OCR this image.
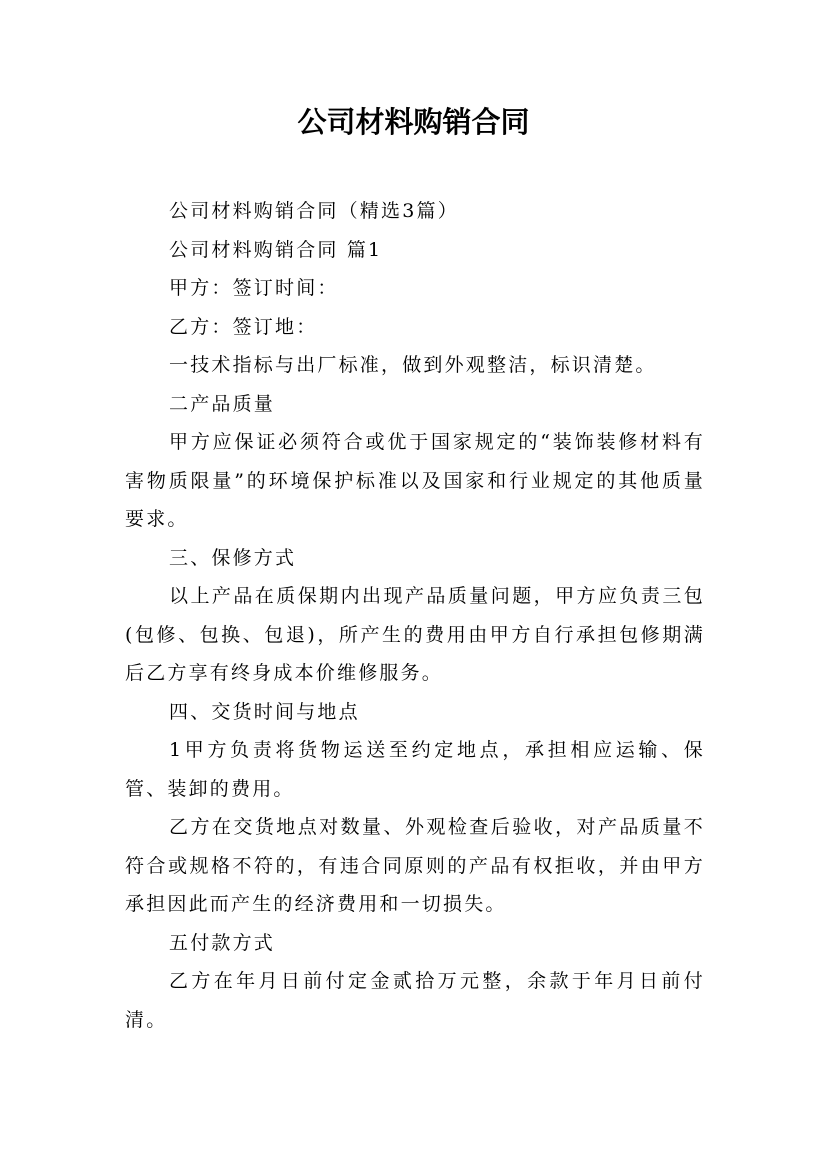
公司材料购销合同

公司材料购销合同（精选3篇）

公司材料购销合同 篇1

甲方：签订时间：

乙方：签订地：

一技术指标与出厂标准，做到外观整洁，标识清楚。

二产品质量

甲方应保证必须符合或优于国家规定的“装饰装修材料有害物质限量”的环境保护标准以及国家和行业规定的其他质量要求。

三、保修方式

以上产品在质保期内出现产品质量问题，甲方应负责三包(包修、包换、包退)，所产生的费用由甲方自行承担包修期满后乙方享有终身成本价维修服务。

四、交货时间与地点

1甲方负责将货物运送至约定地点，承担相应运输、保管、装卸的费用。

乙方在交货地点对数量、外观检查后验收，对产品质量不符合或规格不符的，有违合同原则的产品有权拒收，并由甲方承担因此而产生的经济费用和一切损失。

五付款方式

乙方在年月日前付定金贰拾万元整，余款于年月日前付清。
